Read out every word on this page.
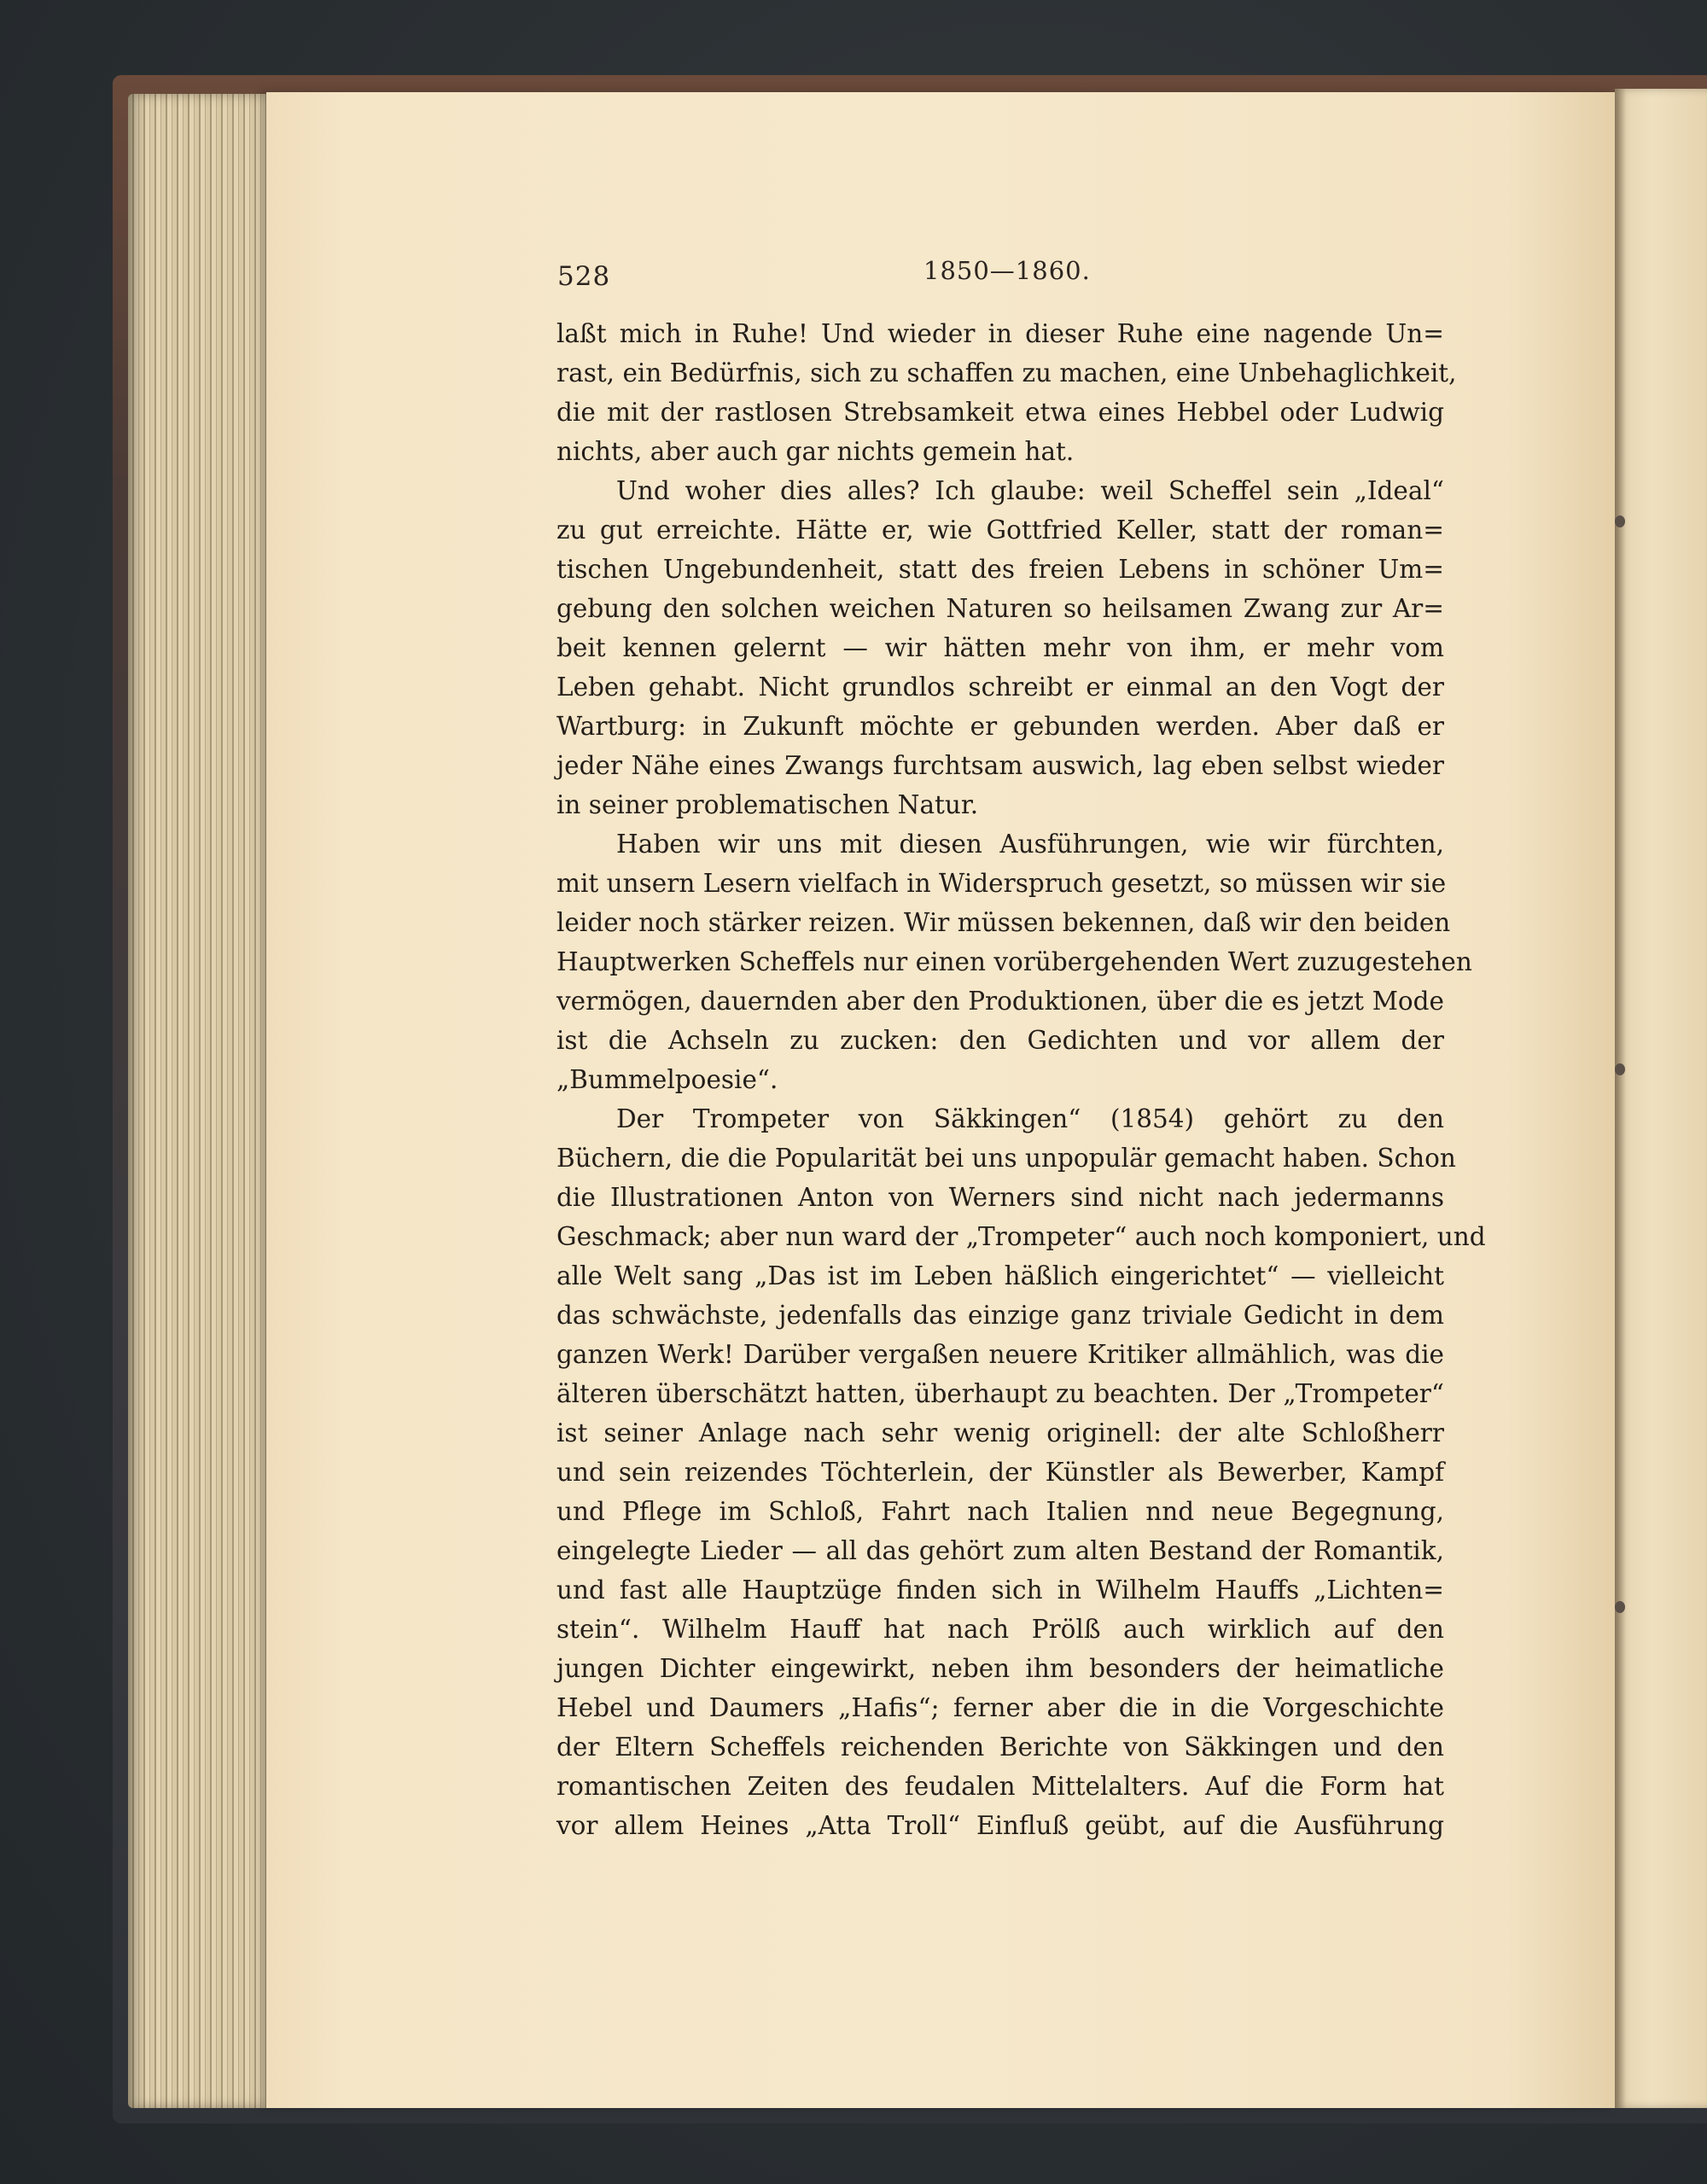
528	1850—1860.
laßt mich in Ruhe! Und wieder in dieser Ruhe eine nagende Un=
rast, ein Bedürfnis, sich zu schaffen zu machen, eine Unbehaglichkeit,
die mit der rastlosen Strebsamkeit etwa eines Hebbel oder Ludwig
nichts, aber auch gar nichts gemein hat.
Und woher dies alles? Ich glaube: weil Scheffel sein „Ideal“
zu gut erreichte. Hätte er, wie Gottfried Keller, statt der roman=
tischen Ungebundenheit, statt des freien Lebens in schöner Um=
gebung den solchen weichen Naturen so heilsamen Zwang zur Ar=
beit kennen gelernt — wir hätten mehr von ihm, er mehr vom
Leben gehabt. Nicht grundlos schreibt er einmal an den Vogt der
Wartburg: in Zukunft möchte er gebunden werden. Aber daß er
jeder Nähe eines Zwangs furchtsam auswich, lag eben selbst wieder
in seiner problematischen Natur.
Haben wir uns mit diesen Ausführungen, wie wir fürchten,
mit unsern Lesern vielfach in Widerspruch gesetzt, so müssen wir sie
leider noch stärker reizen. Wir müssen bekennen, daß wir den beiden
Hauptwerken Scheffels nur einen vorübergehenden Wert zuzugestehen
vermögen, dauernden aber den Produktionen, über die es jetzt Mode
ist die Achseln zu zucken: den Gedichten und vor allem der
„Bummelpoesie“.
Der Trompeter von Säkkingen“ (1854) gehört zu den
Büchern, die die Popularität bei uns unpopulär gemacht haben. Schon
die Illustrationen Anton von Werners sind nicht nach jedermanns
Geschmack; aber nun ward der „Trompeter“ auch noch komponiert, und
alle Welt sang „Das ist im Leben häßlich eingerichtet“ — vielleicht
das schwächste, jedenfalls das einzige ganz triviale Gedicht in dem
ganzen Werk! Darüber vergaßen neuere Kritiker allmählich, was die
älteren überschätzt hatten, überhaupt zu beachten. Der „Trompeter“
ist seiner Anlage nach sehr wenig originell: der alte Schloßherr
und sein reizendes Töchterlein, der Künstler als Bewerber, Kampf
und Pflege im Schloß, Fahrt nach Italien nnd neue Begegnung,
eingelegte Lieder — all das gehört zum alten Bestand der Romantik,
und fast alle Hauptzüge finden sich in Wilhelm Hauffs „Lichten=
stein“. Wilhelm Hauff hat nach Prölß auch wirklich auf den
jungen Dichter eingewirkt, neben ihm besonders der heimatliche
Hebel und Daumers „Hafis“; ferner aber die in die Vorgeschichte
der Eltern Scheffels reichenden Berichte von Säkkingen und den
romantischen Zeiten des feudalen Mittelalters. Auf die Form hat
vor allem Heines „Atta Troll“ Einfluß geübt, auf die Ausführung
